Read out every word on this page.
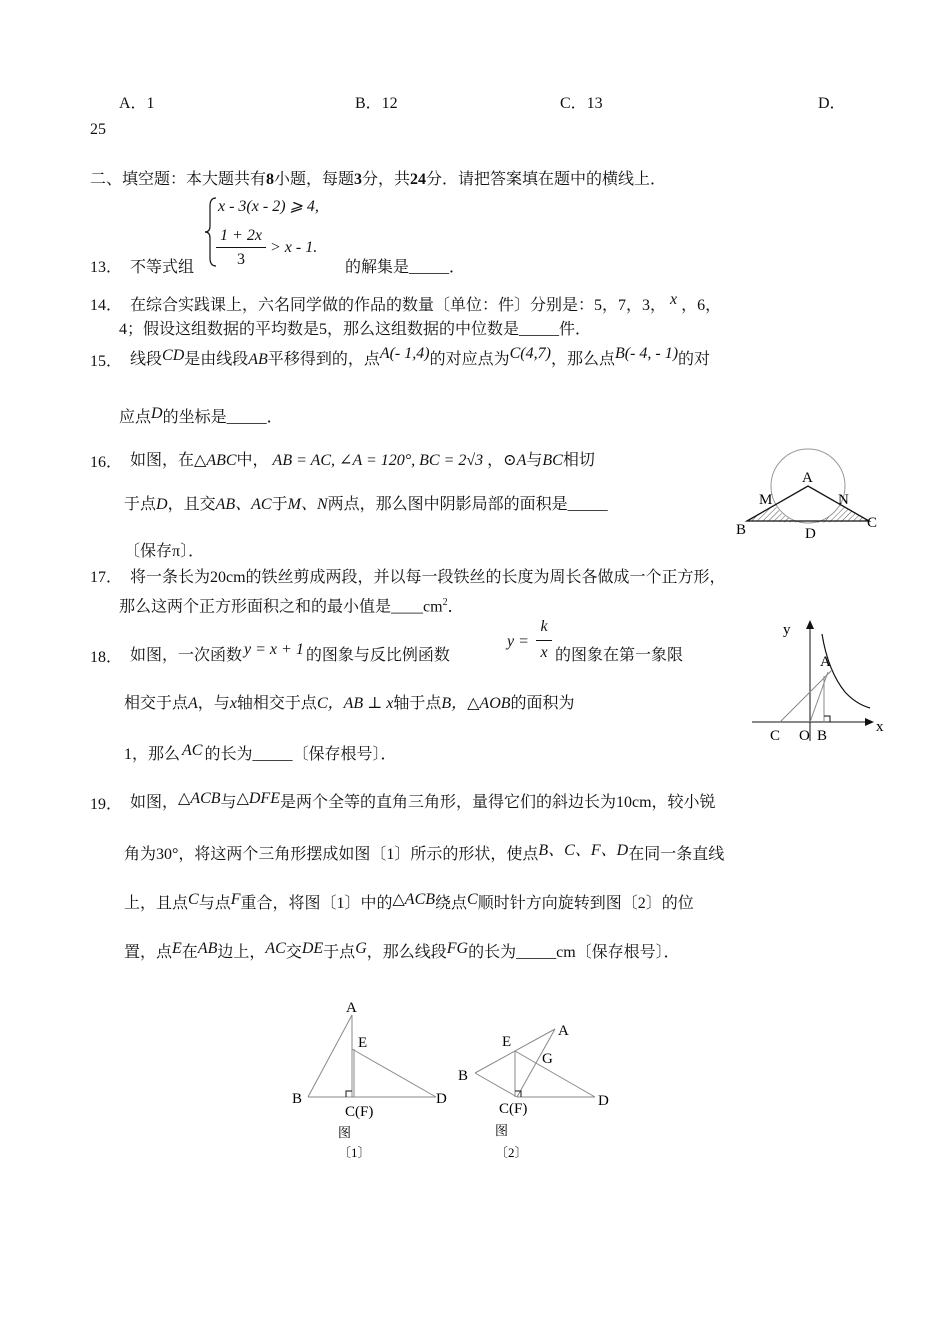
A．1	B．12	C．13	D．
25
二、填空题：本大题共有8小题，每题3分，共24分．请把答案填在题中的横线上．
x - 3(x - 2) ⩾ 4,
1 + 2x
3
> x - 1.
13． 不等式组	的解集是_____．
14． 在综合实践课上，六名同学做的作品的数量〔单位：件〕分别是：5，7，3， x ，6，
4；假设这组数据的平均数是5，那么这组数据的中位数是_____件．
15． 线段CD是由线段AB平移得到的，点A(- 1,4)的对应点为C(4,7)，那么点B(- 4, - 1)的对
应点D的坐标是_____．
16． 如图，在△ABC中， AB = AC, ∠A = 120°, BC = 2√3 ，⊙A与BC相切
于点D，且交AB、AC于M、N两点，那么图中阴影局部的面积是_____
〔保存π〕．
A
M	N
B	D
C
17． 将一条长为20cm的铁丝剪成两段，并以每一段铁丝的长度为周长各做成一个正方形，
那么这两个正方形面积之和的最小值是$\_\_\_\_cm^2$．
18． 如图，一次函数 y = x + 1 的图象与反比例函数
y =
k
x 的图象在第一象限
相交于点A，与x轴相交于点C，AB ⊥ x轴于点B，△AOB的面积为
1，那么 AC 的长为_____〔保存根号〕．
y
A
x
C O B
19． 如图，△ACB与△DFE是两个全等的直角三角形，量得它们的斜边长为10cm，较小锐
角为30°，将这两个三角形摆成如图〔1〕所示的形状，使点B、C、F、D在同一条直线
上，且点C与点F重合，将图〔1〕中的△ACB绕点C顺时针方向旋转到图〔2〕的位
置，点E在AB边上，AC交DE于点G，那么线段FG的长为_____cm〔保存根号〕．
A
E
B
C(F)
D
图
〔1〕
E
A
G
B
C(F)	D
图
〔2〕
